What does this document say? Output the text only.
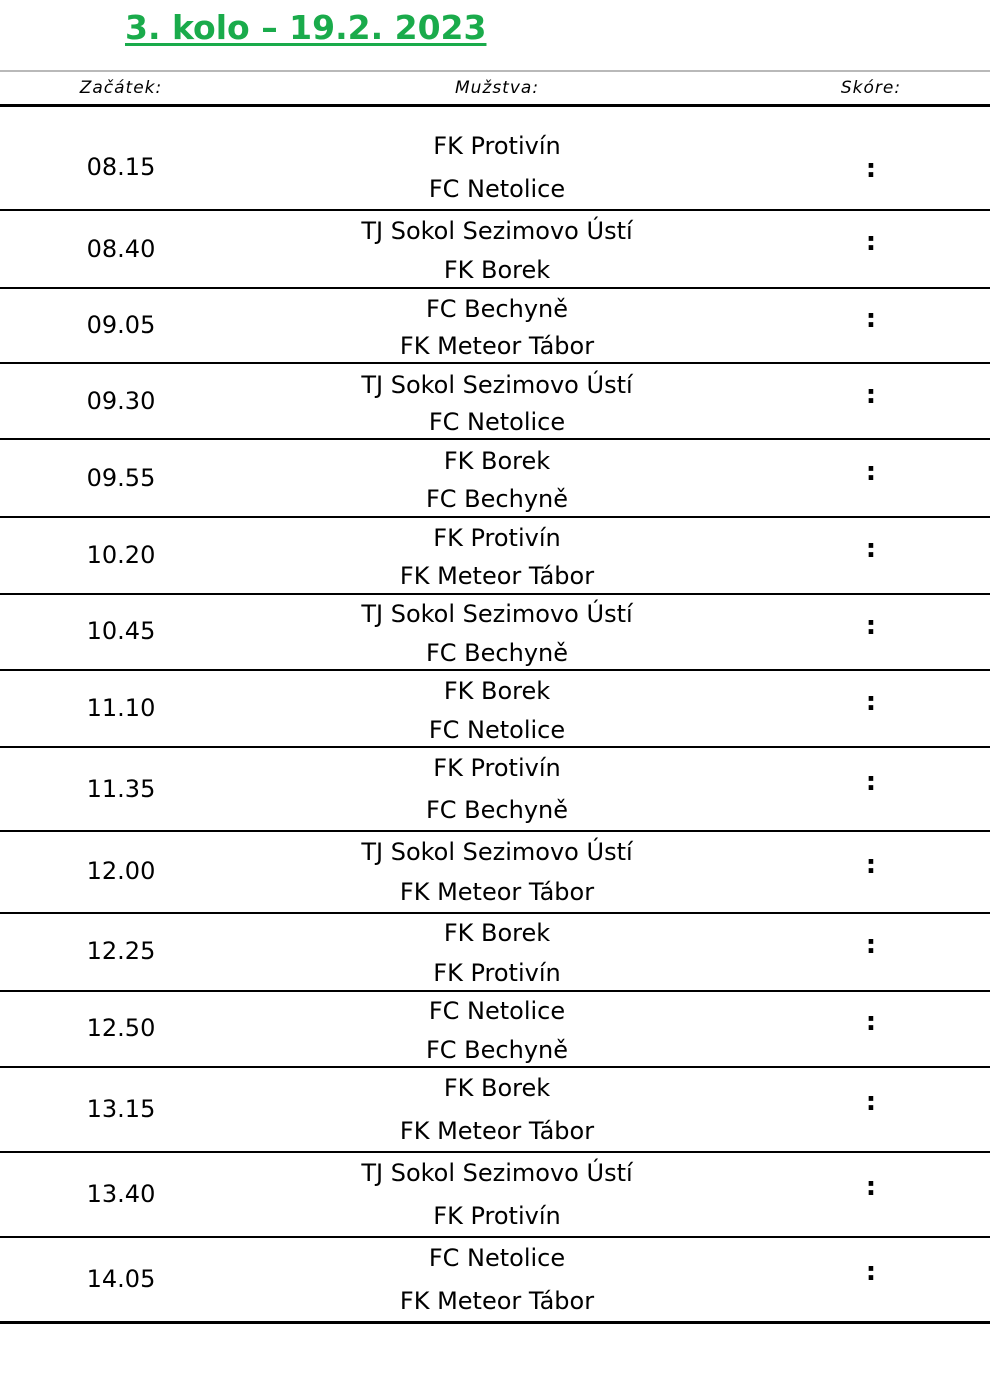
3. kolo – 19.2. 2023
Začátek:	Mužstva:	Skóre:
08.15
FK Protivín
FC Netolice
:
08.40
TJ Sokol Sezimovo Ústí
FK Borek
:
09.05
FC Bechyně
FK Meteor Tábor
:
09.30
TJ Sokol Sezimovo Ústí
FC Netolice
:
09.55
FK Borek
FC Bechyně
:
10.20
FK Protivín
FK Meteor Tábor
:
10.45
TJ Sokol Sezimovo Ústí
FC Bechyně
:
11.10
FK Borek
FC Netolice
:
11.35
FK Protivín
FC Bechyně
:
12.00
TJ Sokol Sezimovo Ústí
FK Meteor Tábor
:
12.25
FK Borek
FK Protivín
:
12.50
FC Netolice
FC Bechyně
:
13.15
FK Borek
FK Meteor Tábor
:
13.40
TJ Sokol Sezimovo Ústí
FK Protivín
:
14.05
FC Netolice
FK Meteor Tábor
:
